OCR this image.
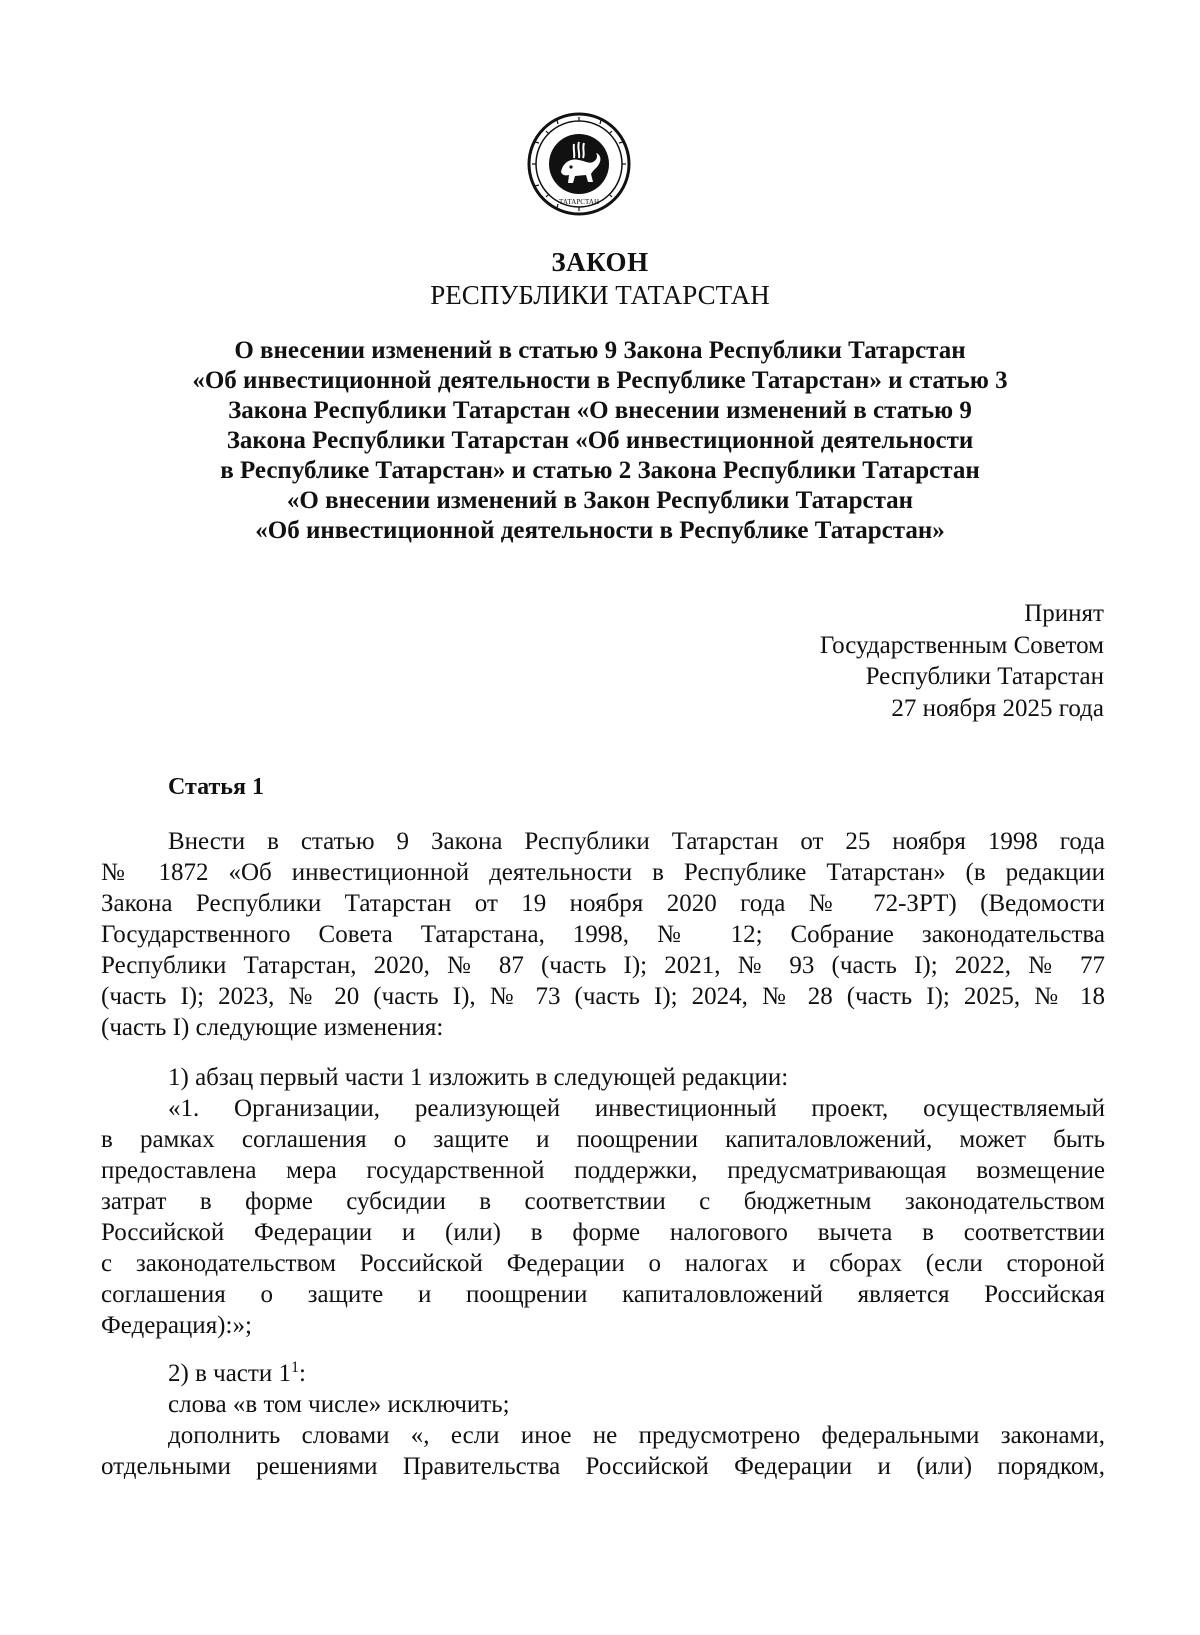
ТАТАРСТАН
ЗАКОН
РЕСПУБЛИКИ ТАТАРСТАН
О внесении изменений в статью 9 Закона Республики Татарстан
«Об инвестиционной деятельности в Республике Татарстан» и статью 3
Закона Республики Татарстан «О внесении изменений в статью 9
Закона Республики Татарстан «Об инвестиционной деятельности
в Республике Татарстан» и статью 2 Закона Республики Татарстан
«О внесении изменений в Закон Республики Татарстан
«Об инвестиционной деятельности в Республике Татарстан»
Принят
Государственным Советом
Республики Татарстан
27 ноября 2025 года
Статья 1

Внести в статью 9 Закона Республики Татарстан от 25 ноября 1998 года
№ 1872 «Об инвестиционной деятельности в Республике Татарстан» (в редакции
Закона Республики Татарстан от 19 ноября 2020 года № 72-ЗРТ) (Ведомости
Государственного Совета Татарстана, 1998, № 12; Собрание законодательства
Республики Татарстан, 2020, № 87 (часть I); 2021, № 93 (часть I); 2022, № 77
(часть I); 2023, № 20 (часть I), № 73 (часть I); 2024, № 28 (часть I); 2025, № 18
(часть I) следующие изменения:

1) абзац первый части 1 изложить в следующей редакции:
«1. Организации, реализующей инвестиционный проект, осуществляемый
в рамках соглашения о защите и поощрении капиталовложений, может быть
предоставлена мера государственной поддержки, предусматривающая возмещение
затрат в форме субсидии в соответствии с бюджетным законодательством
Российской Федерации и (или) в форме налогового вычета в соответствии
с законодательством Российской Федерации о налогах и сборах (если стороной
соглашения о защите и поощрении капиталовложений является Российская
Федерация):»;

2) в части $1^1$:
слова «в том числе» исключить;
дополнить словами «, если иное не предусмотрено федеральными законами,
отдельными решениями Правительства Российской Федерации и (или) порядком,
